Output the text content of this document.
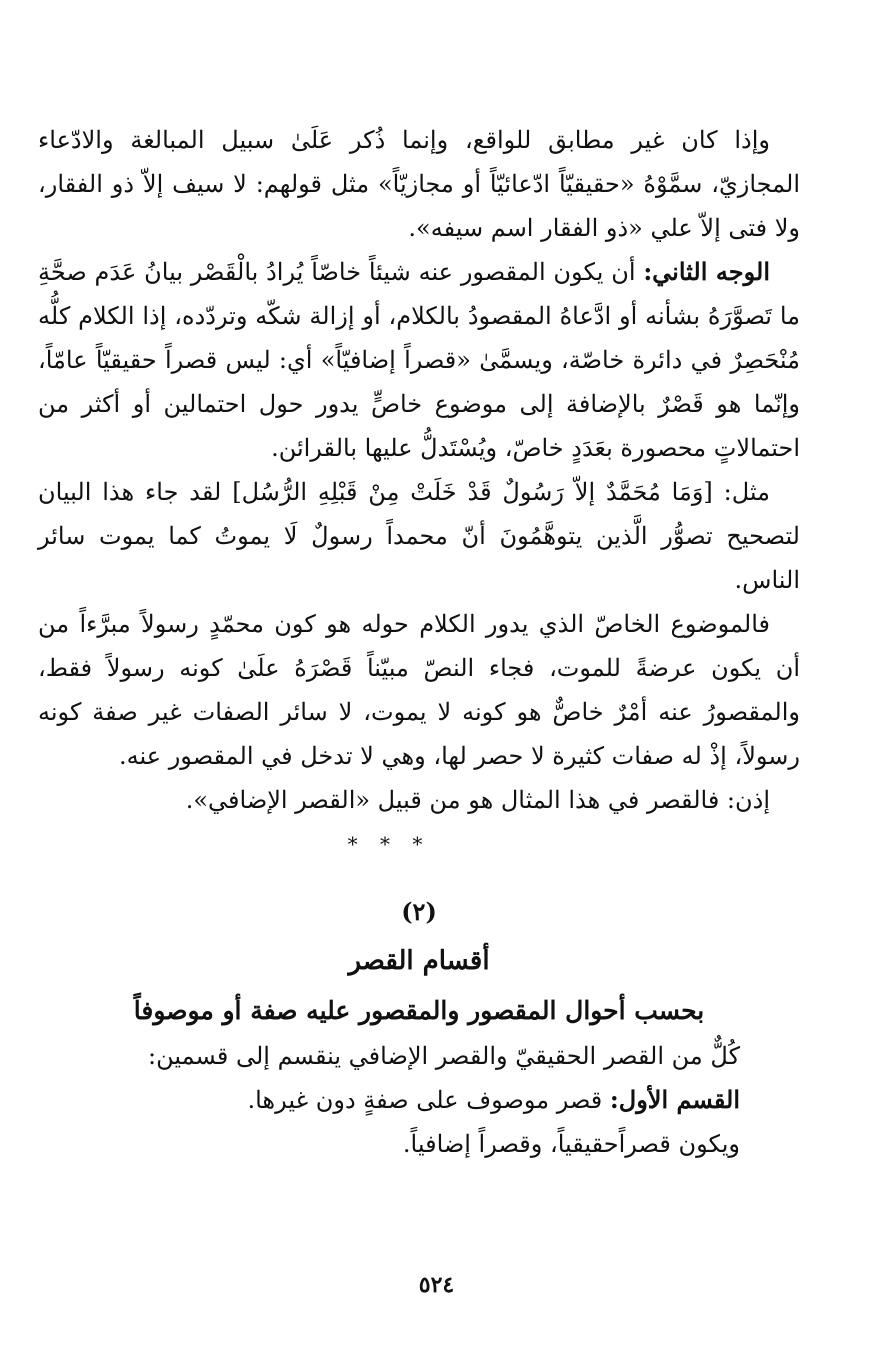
وإذا كان غير مطابق للواقع، وإنما ذُكر عَلَىٰ سبيل المبالغة والادّعاء المجازيّ، سمَّوْهُ «حقيقيّاً ادّعائيّاً أو مجازيّاً» مثل قولهم: لا سيف إلاّ ذو الفقار، ولا فتى إلاّ علي «ذو الفقار اسم سيفه».

الوجه الثاني: أن يكون المقصور عنه شيئاً خاصّاً يُرادُ بالْقَصْر بيانُ عَدَم صحَّةِ ما تَصوَّرَهُ بشأنه أو ادَّعاهُ المقصودُ بالكلام، أو إزالة شكّه وتردّده، إذا الكلام كلُّه مُنْحَصِرٌ في دائرة خاصّة، ويسمَّىٰ «قصراً إضافيّاً» أي: ليس قصراً حقيقيّاً عامّاً، وإنّما هو قَصْرٌ بالإضافة إلى موضوع خاصٍّ يدور حول احتمالين أو أكثر من احتمالاتٍ محصورة بعَدَدٍ خاصّ، ويُسْتَدلُّ عليها بالقرائن.

مثل: [وَمَا مُحَمَّدٌ إلاّ رَسُولٌ قَدْ خَلَتْ مِنْ قَبْلِهِ الرُّسُل] لقد جاء هذا البيان لتصحيح تصوُّر الَّذين يتوهَّمُونَ أنّ محمداً رسولٌ لَا يموتُ كما يموت سائر الناس.

فالموضوع الخاصّ الذي يدور الكلام حوله هو كون محمّدٍ رسولاً مبرَّءاً من أن يكون عرضةً للموت، فجاء النصّ مبيّناً قَصْرَهُ علَىٰ كونه رسولاً فقط، والمقصورُ عنه أمْرٌ خاصٌّ هو كونه لا يموت، لا سائر الصفات غير صفة كونه رسولاً، إذْ له صفات كثيرة لا حصر لها، وهي لا تدخل في المقصور عنه.

إذن: فالقصر في هذا المثال هو من قبيل «القصر الإضافي».

* * *
(٢)
أقسام القصر
بحسب أحوال المقصور والمقصور عليه صفة أو موصوفاً

كُلٌّ من القصر الحقيقيّ والقصر الإضافي ينقسم إلى قسمين:

القسم الأول: قصر موصوف على صفةٍ دون غيرها.

ويكون قصراًحقيقياً، وقصراً إضافياً.

٥٢٤
